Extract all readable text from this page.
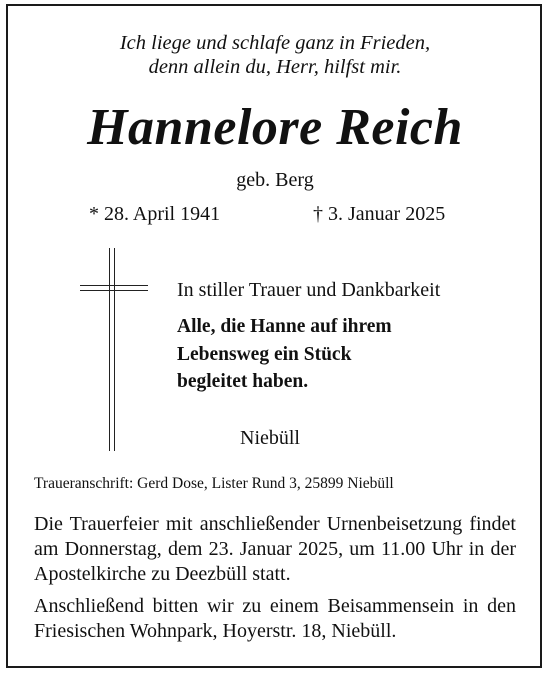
Ich liege und schlafe ganz in Frieden,
denn allein du, Herr, hilfst mir.
Hannelore Reich
geb. Berg
* 28. April 1941	† 3. Januar 2025
In stiller Trauer und Dankbarkeit
Alle, die Hanne auf ihrem
Lebensweg ein Stück
begleitet haben.
Niebüll
Traueranschrift: Gerd Dose, Lister Rund 3, 25899 Niebüll
Die Trauerfeier mit anschließender Urnenbeisetzung findet am Donnerstag, dem 23. Januar 2025, um 11.00 Uhr in der Apostelkirche zu Deezbüll statt.
Anschließend bitten wir zu einem Beisammensein in den Friesischen Wohnpark, Hoyerstr. 18, Niebüll.
